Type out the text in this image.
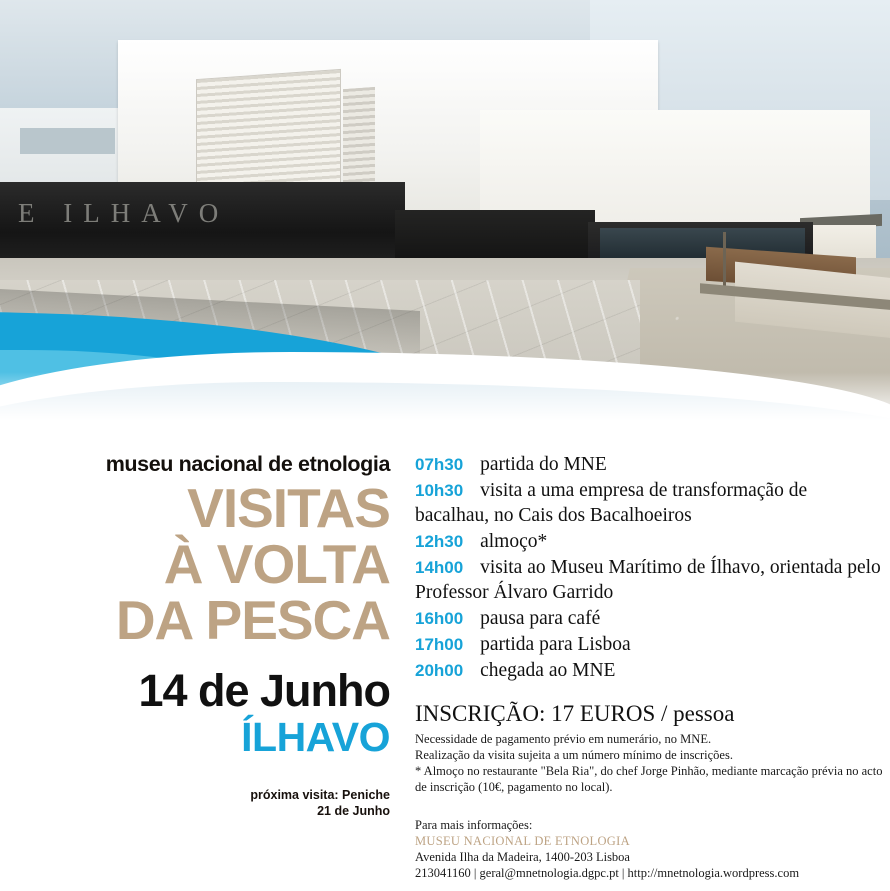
E ILHAVO
museu nacional de etnologia
VISITAS
À VOLTA
DA PESCA
14 de Junho
ÍLHAVO
próxima visita: Peniche
21 de Junho
07h30 partida do MNE
10h30 visita a uma empresa de transformação de bacalhau, no Cais dos Bacalhoeiros
12h30 almoço*
14h00 visita ao Museu Marítimo de Ílhavo, orientada pelo Professor Álvaro Garrido
16h00 pausa para café
17h00 partida para Lisboa
20h00 chegada ao MNE
INSCRIÇÃO: 17 EUROS / pessoa

Necessidade de pagamento prévio em numerário, no MNE.

Realização da visita sujeita a um número mínimo de inscrições.

* Almoço no restaurante "Bela Ria", do chef Jorge Pinhão, mediante marcação prévia no acto de inscrição (10€, pagamento no local).

Para mais informações:
MUSEU NACIONAL DE ETNOLOGIA
Avenida Ilha da Madeira, 1400-203 Lisboa
213041160 | geral@mnetnologia.dgpc.pt | http://mnetnologia.wordpress.com
